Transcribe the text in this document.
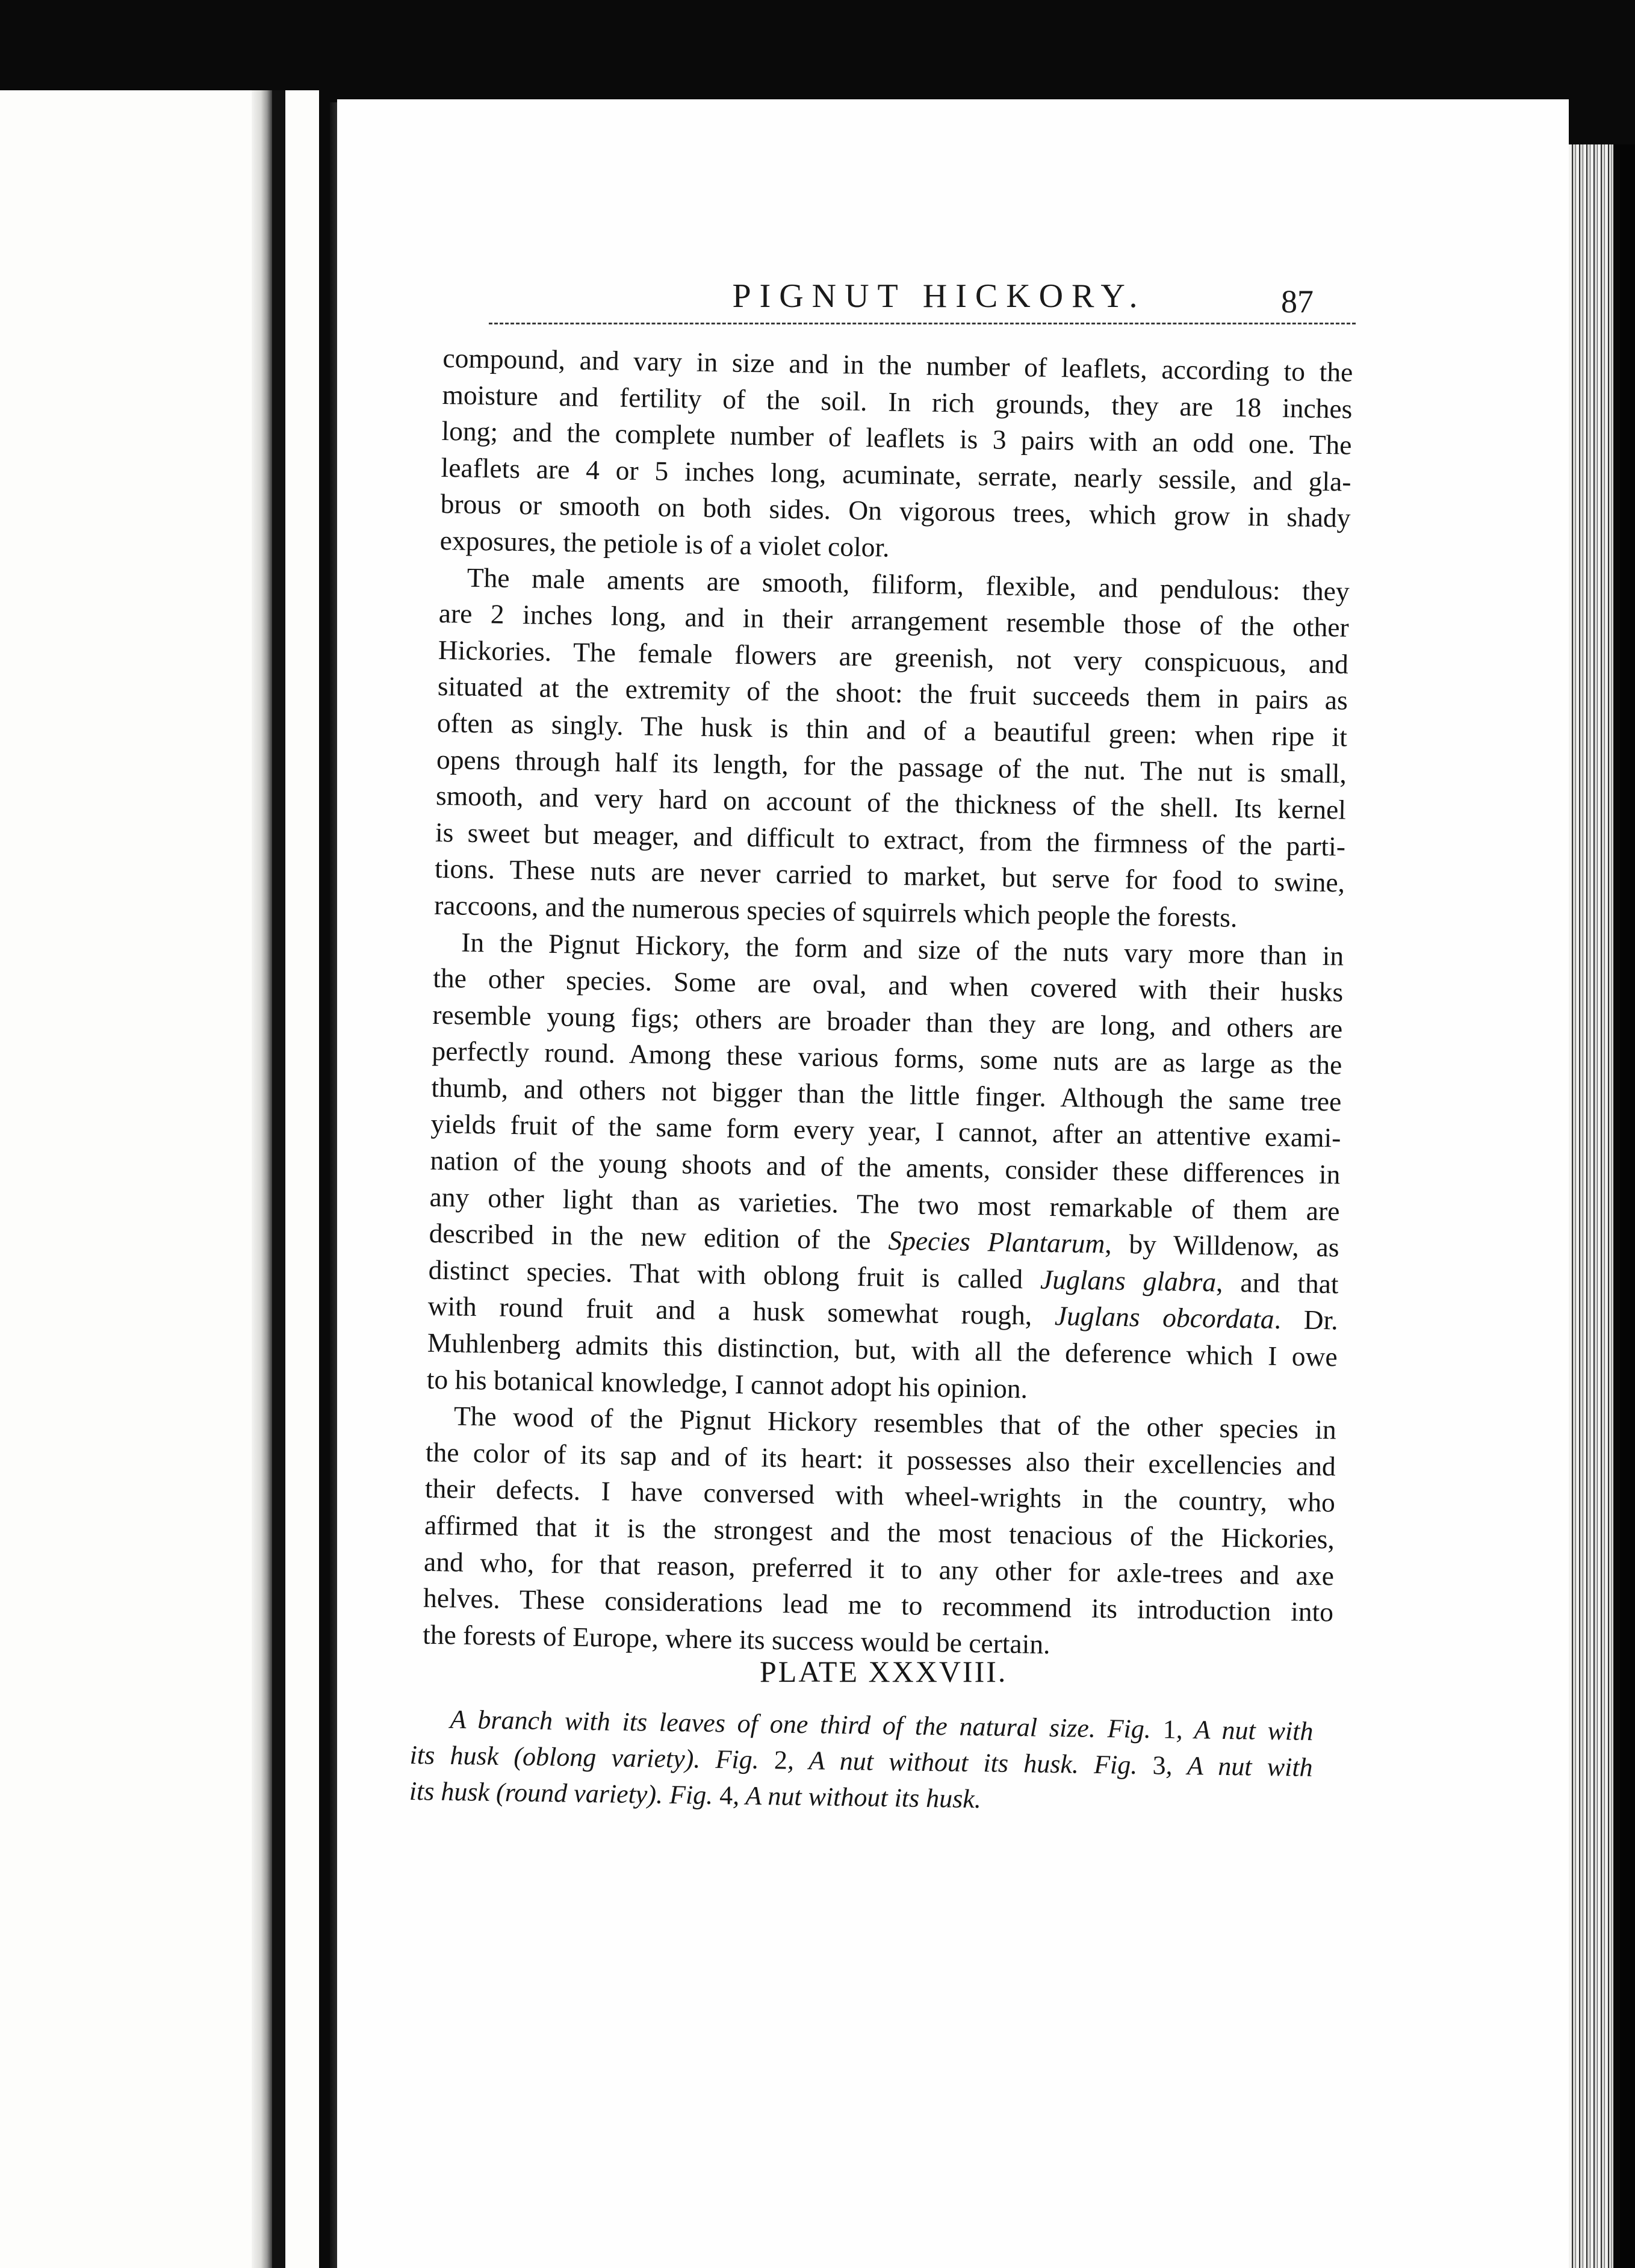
PIGNUT HICKORY.	87

compound, and vary in size and in the number of leaflets, according to the
moisture and fertility of the soil. In rich grounds, they are 18 inches
long; and the complete number of leaflets is 3 pairs with an odd one. The
leaflets are 4 or 5 inches long, acuminate, serrate, nearly sessile, and gla-
brous or smooth on both sides. On vigorous trees, which grow in shady
exposures, the petiole is of a violet color.

The male aments are smooth, filiform, flexible, and pendulous: they
are 2 inches long, and in their arrangement resemble those of the other
Hickories. The female flowers are greenish, not very conspicuous, and
situated at the extremity of the shoot: the fruit succeeds them in pairs as
often as singly. The husk is thin and of a beautiful green: when ripe it
opens through half its length, for the passage of the nut. The nut is small,
smooth, and very hard on account of the thickness of the shell. Its kernel
is sweet but meager, and difficult to extract, from the firmness of the parti-
tions. These nuts are never carried to market, but serve for food to swine,
raccoons, and the numerous species of squirrels which people the forests.

In the Pignut Hickory, the form and size of the nuts vary more than in
the other species. Some are oval, and when covered with their husks
resemble young figs; others are broader than they are long, and others are
perfectly round. Among these various forms, some nuts are as large as the
thumb, and others not bigger than the little finger. Although the same tree
yields fruit of the same form every year, I cannot, after an attentive exami-
nation of the young shoots and of the aments, consider these differences in
any other light than as varieties. The two most remarkable of them are
described in the new edition of the Species Plantarum, by Willdenow, as
distinct species. That with oblong fruit is called Juglans glabra, and that
with round fruit and a husk somewhat rough, Juglans obcordata. Dr.
Muhlenberg admits this distinction, but, with all the deference which I owe
to his botanical knowledge, I cannot adopt his opinion.

The wood of the Pignut Hickory resembles that of the other species in
the color of its sap and of its heart: it possesses also their excellencies and
their defects. I have conversed with wheel-wrights in the country, who
affirmed that it is the strongest and the most tenacious of the Hickories,
and who, for that reason, preferred it to any other for axle-trees and axe
helves. These considerations lead me to recommend its introduction into
the forests of Europe, where its success would be certain.

PLATE XXXVIII.
A branch with its leaves of one third of the natural size. Fig. 1, A nut with
its husk (oblong variety). Fig. 2, A nut without its husk. Fig. 3, A nut with
its husk (round variety). Fig. 4, A nut without its husk.
